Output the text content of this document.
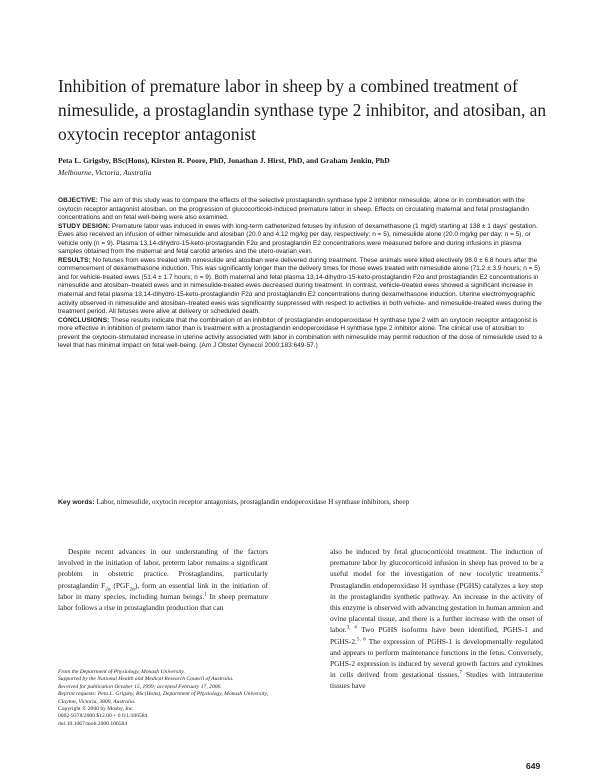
Inhibition of premature labor in sheep by a combined treatment of nimesulide, a prostaglandin synthase type 2 inhibitor, and atosiban, an oxytocin receptor antagonist
Peta L. Grigsby, BSc(Hons), Kirsten R. Poore, PhD, Jonathan J. Hirst, PhD, and Graham Jenkin, PhD
Melbourne, Victoria, Australia

OBJECTIVE: The aim of this study was to compare the effects of the selective prostaglandin synthase type 2 inhibitor nimesulide, alone or in combination with the oxytocin receptor antagonist atosiban, on the progression of glucocorticoid-induced premature labor in sheep. Effects on circulating maternal and fetal prostaglandin concentrations and on fetal well-being were also examined.

STUDY DESIGN: Premature labor was induced in ewes with long-term catheterized fetuses by infusion of dexamethasone (1 mg/d) starting at 138 ± 1 days' gestation. Ewes also received an infusion of either nimesulide and atosiban (20.0 and 4.12 mg/kg per day, respectively; n = 5), nimesulide alone (20.0 mg/kg per day; n = 5), or vehicle only (n = 9). Plasma 13,14-dihydro-15-keto-prostaglandin F2α and prostaglandin E2 concentrations were measured before and during infusions in plasma samples obtained from the maternal and fetal carotid arteries and the utero-ovarian vein.

RESULTS: No fetuses from ewes treated with nimesulide and atosiban were delivered during treatment. These animals were killed electively 98.0 ± 6.8 hours after the commencement of dexamethasone induction. This was significantly longer than the delivery times for those ewes treated with nimesulide alone (71.2 ± 3.9 hours; n = 5) and for vehicle-treated ewes (51.4 ± 1.7 hours; n = 9). Both maternal and fetal plasma 13,14-dihydro-15-keto-prostaglandin F2α and prostaglandin E2 concentrations in nimesulide and atosiban–treated ewes and in nimesulide-treated ewes decreased during treatment. In contrast, vehicle-treated ewes showed a significant increase in maternal and fetal plasma 13,14-dihydro-15-keto-prostaglandin F2α and prostaglandin E2 concentrations during dexamethasone induction. Uterine electromyographic activity observed in nimesulide and atosiban–treated ewes was significantly suppressed with respect to activities in both vehicle- and nimesulide-treated ewes during the treatment period. All fetuses were alive at delivery or scheduled death.

CONCLUSIONS: These results indicate that the combination of an inhibitor of prostaglandin endoperoxidase H synthase type 2 with an oxytocin receptor antagonist is more effective in inhibition of preterm labor than is treatment with a prostaglandin endoperoxidase H synthase type 2 inhibitor alone. The clinical use of atosiban to prevent the oxytocin-stimulated increase in uterine activity associated with labor in combination with nimesulide may permit reduction of the dose of nimesulide used to a level that has minimal impact on fetal well-being. (Am J Obstet Gynecol 2000;183:649-57.)

Key words: Labor, nimesulide, oxytocin receptor antagonists, prostaglandin endoperoxidase H synthase inhibitors, sheep

Despite recent advances in our understanding of the factors involved in the initiation of labor, preterm labor remains a significant problem in obstetric practice. Prostaglandins, particularly prostaglandin $F_{2\alpha}$ $(PGF_{2\alpha})$, form an essential link in the initiation of labor in many species, including human beings.$^1$ In sheep premature labor follows a rise in prostaglandin production that can

From the Department of Physiology, Monash University.

Supported by the National Health and Medical Research Council of Australia.

Received for publication October 15, 1999; accepted February 17, 2000.

Reprint requests: Peta L. Grigsby, BSc(Hons), Department of Physiology, Monash University, Clayton, Victoria, 3800, Australia.

Copyright © 2000 by Mosby, Inc.

0002-9378/2000 $12.00 + 0 6/1/106584

doi:10.1067/mob.2000.106584

also be induced by fetal glucocorticoid treatment. The induction of premature labor by glucocorticoid infusion in sheep has proved to be a useful model for the investigation of new tocolytic treatments.$^2$ Prostaglandin endoperoxidase H synthase (PGHS) catalyzes a key step in the prostaglandin synthetic pathway. An increase in the activity of this enzyme is observed with advancing gestation in human amnion and ovine placental tissue, and there is a further increase with the onset of labor.$^{3, 4}$ Two PGHS isoforms have been identified, PGHS-1 and PGHS-2.$^{5, 6}$ The expression of PGHS-1 is developmentally regulated and appears to perform maintenance functions in the fetus. Conversely, PGHS-2 expression is induced by several growth factors and cytokines in cells derived from gestational tissues.$^7$ Studies with intrauterine tissues have

649
